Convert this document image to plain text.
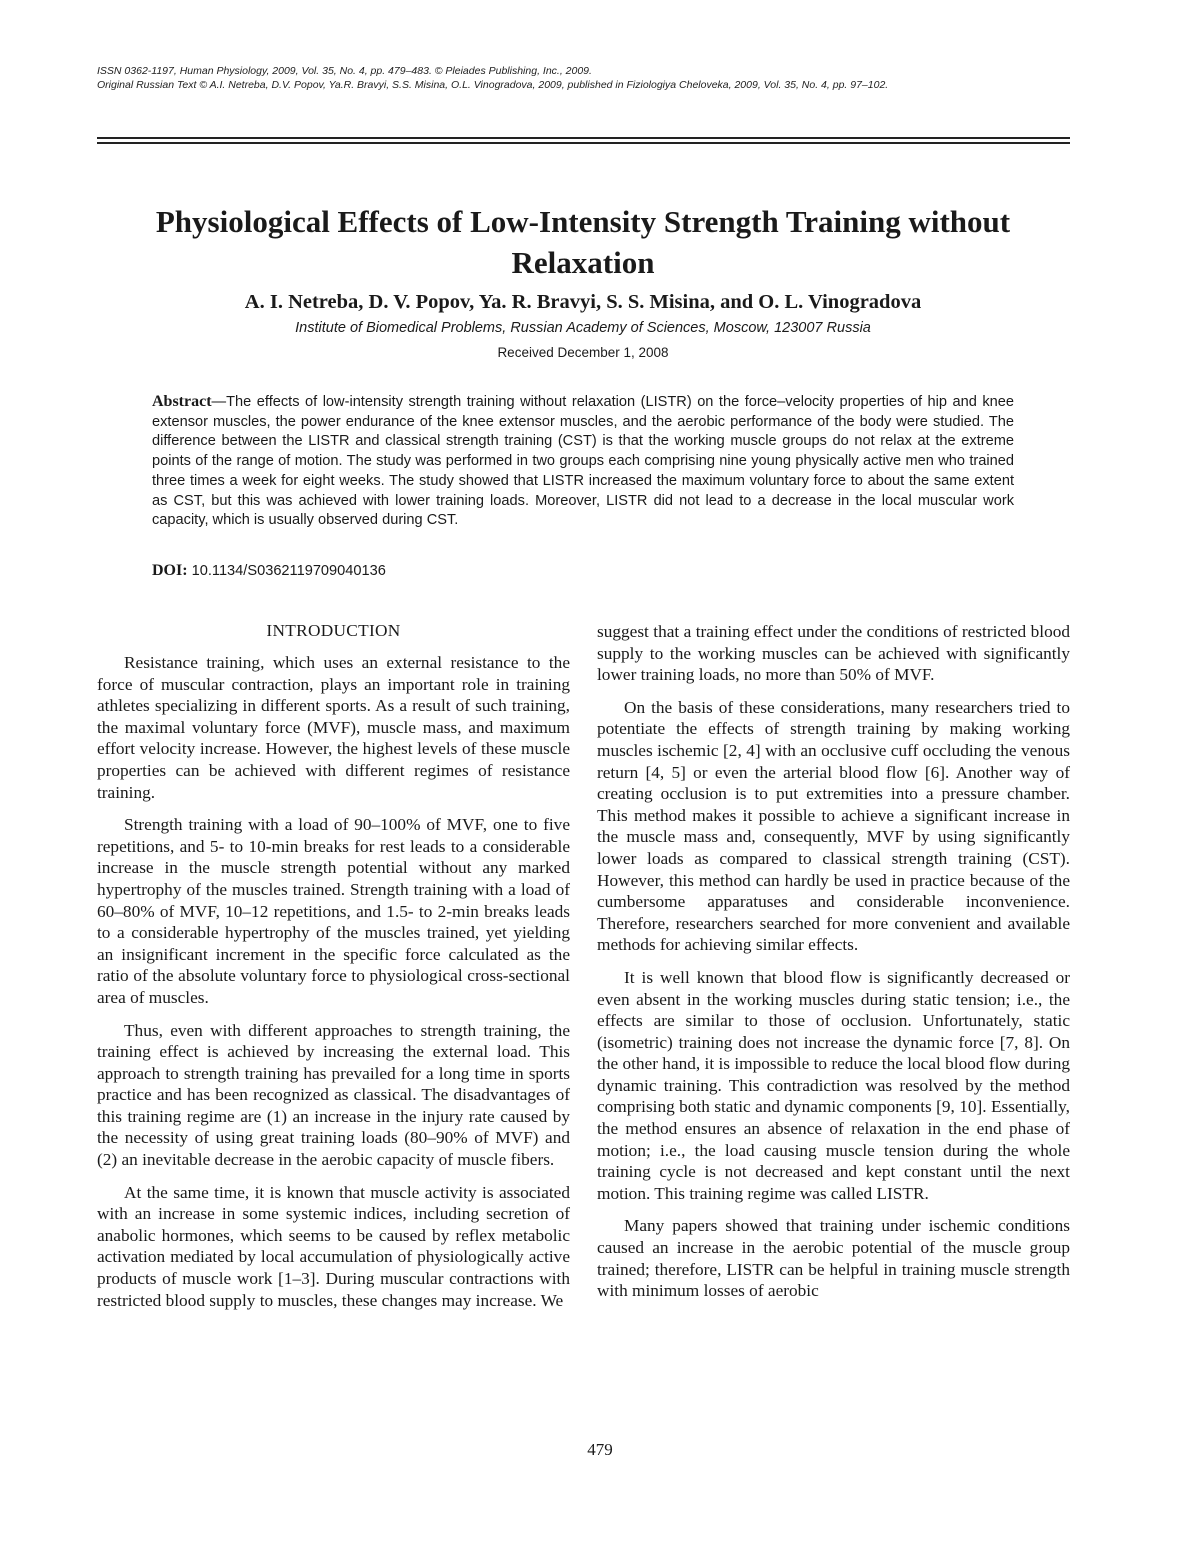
ISSN 0362-1197, Human Physiology, 2009, Vol. 35, No. 4, pp. 479–483. © Pleiades Publishing, Inc., 2009.
Original Russian Text © A.I. Netreba, D.V. Popov, Ya.R. Bravyi, S.S. Misina, O.L. Vinogradova, 2009, published in Fiziologiya Cheloveka, 2009, Vol. 35, No. 4, pp. 97–102.
Physiological Effects of Low-Intensity Strength Training without Relaxation
A. I. Netreba, D. V. Popov, Ya. R. Bravyi, S. S. Misina, and O. L. Vinogradova
Institute of Biomedical Problems, Russian Academy of Sciences, Moscow, 123007 Russia
Received December 1, 2008
Abstract—The effects of low-intensity strength training without relaxation (LISTR) on the force–velocity properties of hip and knee extensor muscles, the power endurance of the knee extensor muscles, and the aerobic performance of the body were studied. The difference between the LISTR and classical strength training (CST) is that the working muscle groups do not relax at the extreme points of the range of motion. The study was performed in two groups each comprising nine young physically active men who trained three times a week for eight weeks. The study showed that LISTR increased the maximum voluntary force to about the same extent as CST, but this was achieved with lower training loads. Moreover, LISTR did not lead to a decrease in the local muscular work capacity, which is usually observed during CST.
DOI: 10.1134/S0362119709040136
INTRODUCTION

Resistance training, which uses an external resistance to the force of muscular contraction, plays an important role in training athletes specializing in different sports. As a result of such training, the maximal voluntary force (MVF), muscle mass, and maximum effort velocity increase. However, the highest levels of these muscle properties can be achieved with different regimes of resistance training.

Strength training with a load of 90–100% of MVF, one to five repetitions, and 5- to 10-min breaks for rest leads to a considerable increase in the muscle strength potential without any marked hypertrophy of the muscles trained. Strength training with a load of 60–80% of MVF, 10–12 repetitions, and 1.5- to 2-min breaks leads to a considerable hypertrophy of the muscles trained, yet yielding an insignificant increment in the specific force calculated as the ratio of the absolute voluntary force to physiological cross-sectional area of muscles.

Thus, even with different approaches to strength training, the training effect is achieved by increasing the external load. This approach to strength training has prevailed for a long time in sports practice and has been recognized as classical. The disadvantages of this training regime are (1) an increase in the injury rate caused by the necessity of using great training loads (80–90% of MVF) and (2) an inevitable decrease in the aerobic capacity of muscle fibers.

At the same time, it is known that muscle activity is associated with an increase in some systemic indices, including secretion of anabolic hormones, which seems to be caused by reflex metabolic activation mediated by local accumulation of physiologically active products of muscle work [1–3]. During muscular contractions with restricted blood supply to muscles, these changes may increase. We

suggest that a training effect under the conditions of restricted blood supply to the working muscles can be achieved with significantly lower training loads, no more than 50% of MVF.

On the basis of these considerations, many researchers tried to potentiate the effects of strength training by making working muscles ischemic [2, 4] with an occlusive cuff occluding the venous return [4, 5] or even the arterial blood flow [6]. Another way of creating occlusion is to put extremities into a pressure chamber. This method makes it possible to achieve a significant increase in the muscle mass and, consequently, MVF by using significantly lower loads as compared to classical strength training (CST). However, this method can hardly be used in practice because of the cumbersome apparatuses and considerable inconvenience. Therefore, researchers searched for more convenient and available methods for achieving similar effects.

It is well known that blood flow is significantly decreased or even absent in the working muscles during static tension; i.e., the effects are similar to those of occlusion. Unfortunately, static (isometric) training does not increase the dynamic force [7, 8]. On the other hand, it is impossible to reduce the local blood flow during dynamic training. This contradiction was resolved by the method comprising both static and dynamic components [9, 10]. Essentially, the method ensures an absence of relaxation in the end phase of motion; i.e., the load causing muscle tension during the whole training cycle is not decreased and kept constant until the next motion. This training regime was called LISTR.

Many papers showed that training under ischemic conditions caused an increase in the aerobic potential of the muscle group trained; therefore, LISTR can be helpful in training muscle strength with minimum losses of aerobic

479
